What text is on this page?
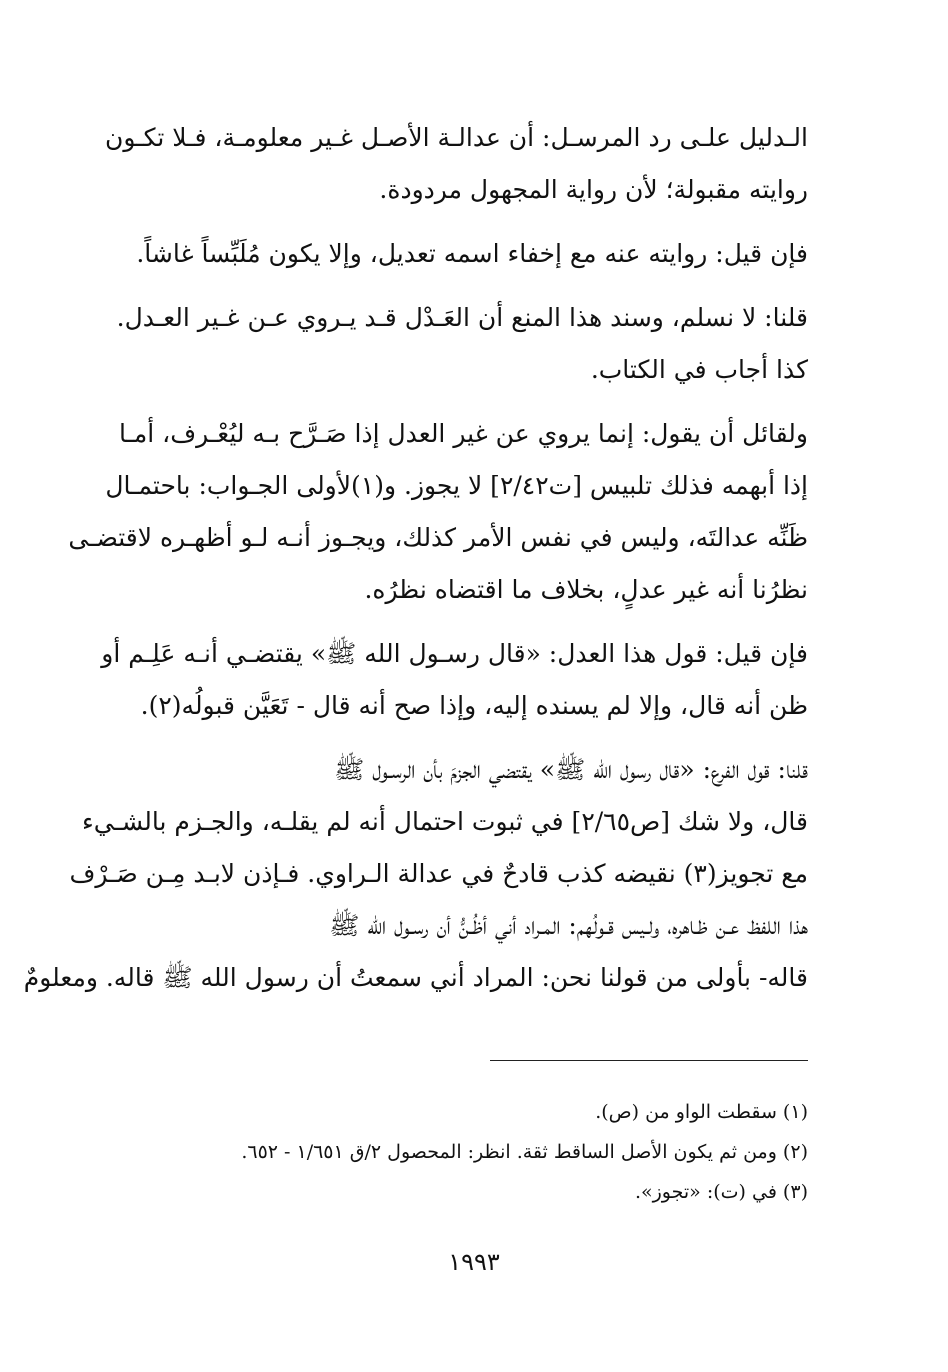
الـدليل علـى رد المرسـل: أن عدالـة الأصـل غـير معلومـة، فـلا تكـون
روايته مقبولة؛ لأن رواية المجهول مردودة.
فإن قيل: روايته عنه مع إخفاء اسمه تعديل، وإلا يكون مُلَبِّساً غاشاً.
قلنا: لا نسلم، وسند هذا المنع أن العَـدْل قـد يـروي عـن غـير العـدل.
كذا أجاب في الكتاب.
ولقائل أن يقول: إنما يروي عن غير العدل إذا صَـرَّح بـه ليُعْـرف، أمـا
إذا أبهمه فذلك تلبيس [ت٢/٤٢] لا يجوز. و(١)لأولى الجـواب: باحتمـال
ظَنِّه عدالتَه، وليس في نفس الأمر كذلك، ويجـوز أنـه لـو أظهـره لاقتضـى
نظرُنا أنه غير عدلٍ، بخلاف ما اقتضاه نظرُه.
فإن قيل: قول هذا العدل: «قال رسـول الله ﷺ» يقتضـي أنـه عَلِـم أو
ظن أنه قال، وإلا لم يسنده إليه، وإذا صح أنه قال - تَعَيَّن قبولُه(٢).
قلنا: قول الفرع: «قال رسول الله ﷺ» يقتضي الجزمَ بأن الرسـول ﷺ
قال، ولا شك [ص٢/٦٥] في ثبوت احتمال أنه لم يقلـه، والجـزم بالشـيء
مع تجويز(٣) نقيضه كذب قادحٌ في عدالة الـراوي. فـإذن لابـد مِـن صَـرْف
هذا اللفظ عـن ظـاهره، ولـيس قـولُهم: المـراد أني أظُـنُّ أن رسـول الله ﷺ
قاله- بأولى من قولنا نحن: المراد أني سمعتُ أن رسول الله ﷺ قاله. ومعلومٌ
(١) سقطت الواو من (ص).
(٢) ومن ثم يكون الأصل الساقط ثقة. انظر: المحصول ٢/ق ١/٦٥١ - ٦٥٢.
(٣) في (ت): «تجوز».
١٩٩٣
